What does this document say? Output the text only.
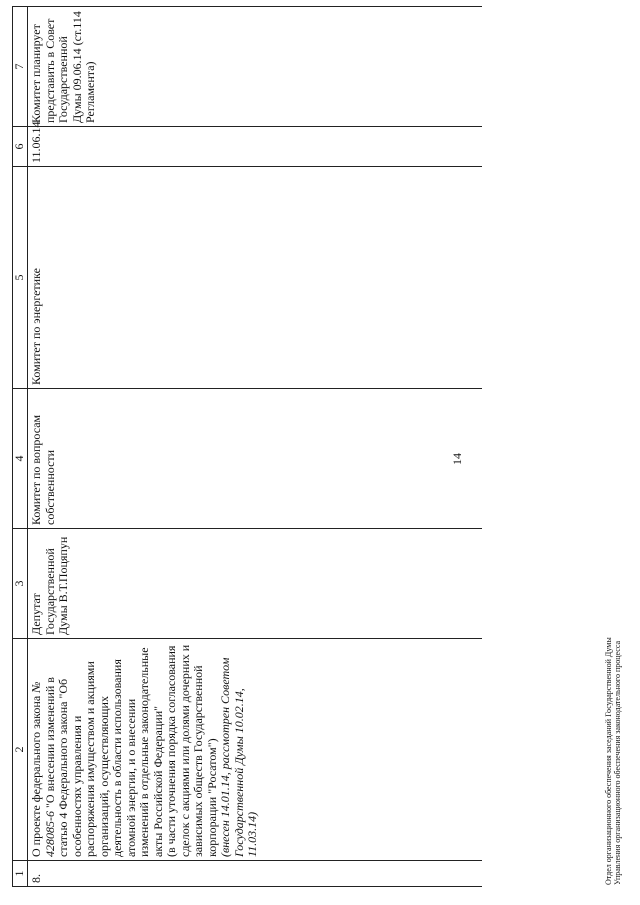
14
1	2	3	4	5	6	7
8.	О проекте федерального закона № 428085-6 "О внесении изменений в статью 4 Федерального закона "Об особенностях управления и распоряжения имуществом и акциями организаций, осуществляющих деятельность в области использования атомной энергии, и о внесении изменений в отдельные законодательные акты Российской Федерации"
(в части уточнения порядка согласования сделок с акциями или долями дочерних и зависимых обществ Государственной корпорации "Росатом")
(внесен 14.01.14, рассмотрен Советом Государственной Думы 10.02.14, 11.03.14)	Депутат Государственной Думы В.Т.Поцяпун	Комитет по вопросам собственности	Комитет по энергетике	11.06.14	Комитет планирует представить в Совет Государственной Думы 09.06.14 (ст.114 Регламента)
Отдел организационного обеспечения заседаний Государственной Думы Управления организационного обеспечения законодательного процесса
